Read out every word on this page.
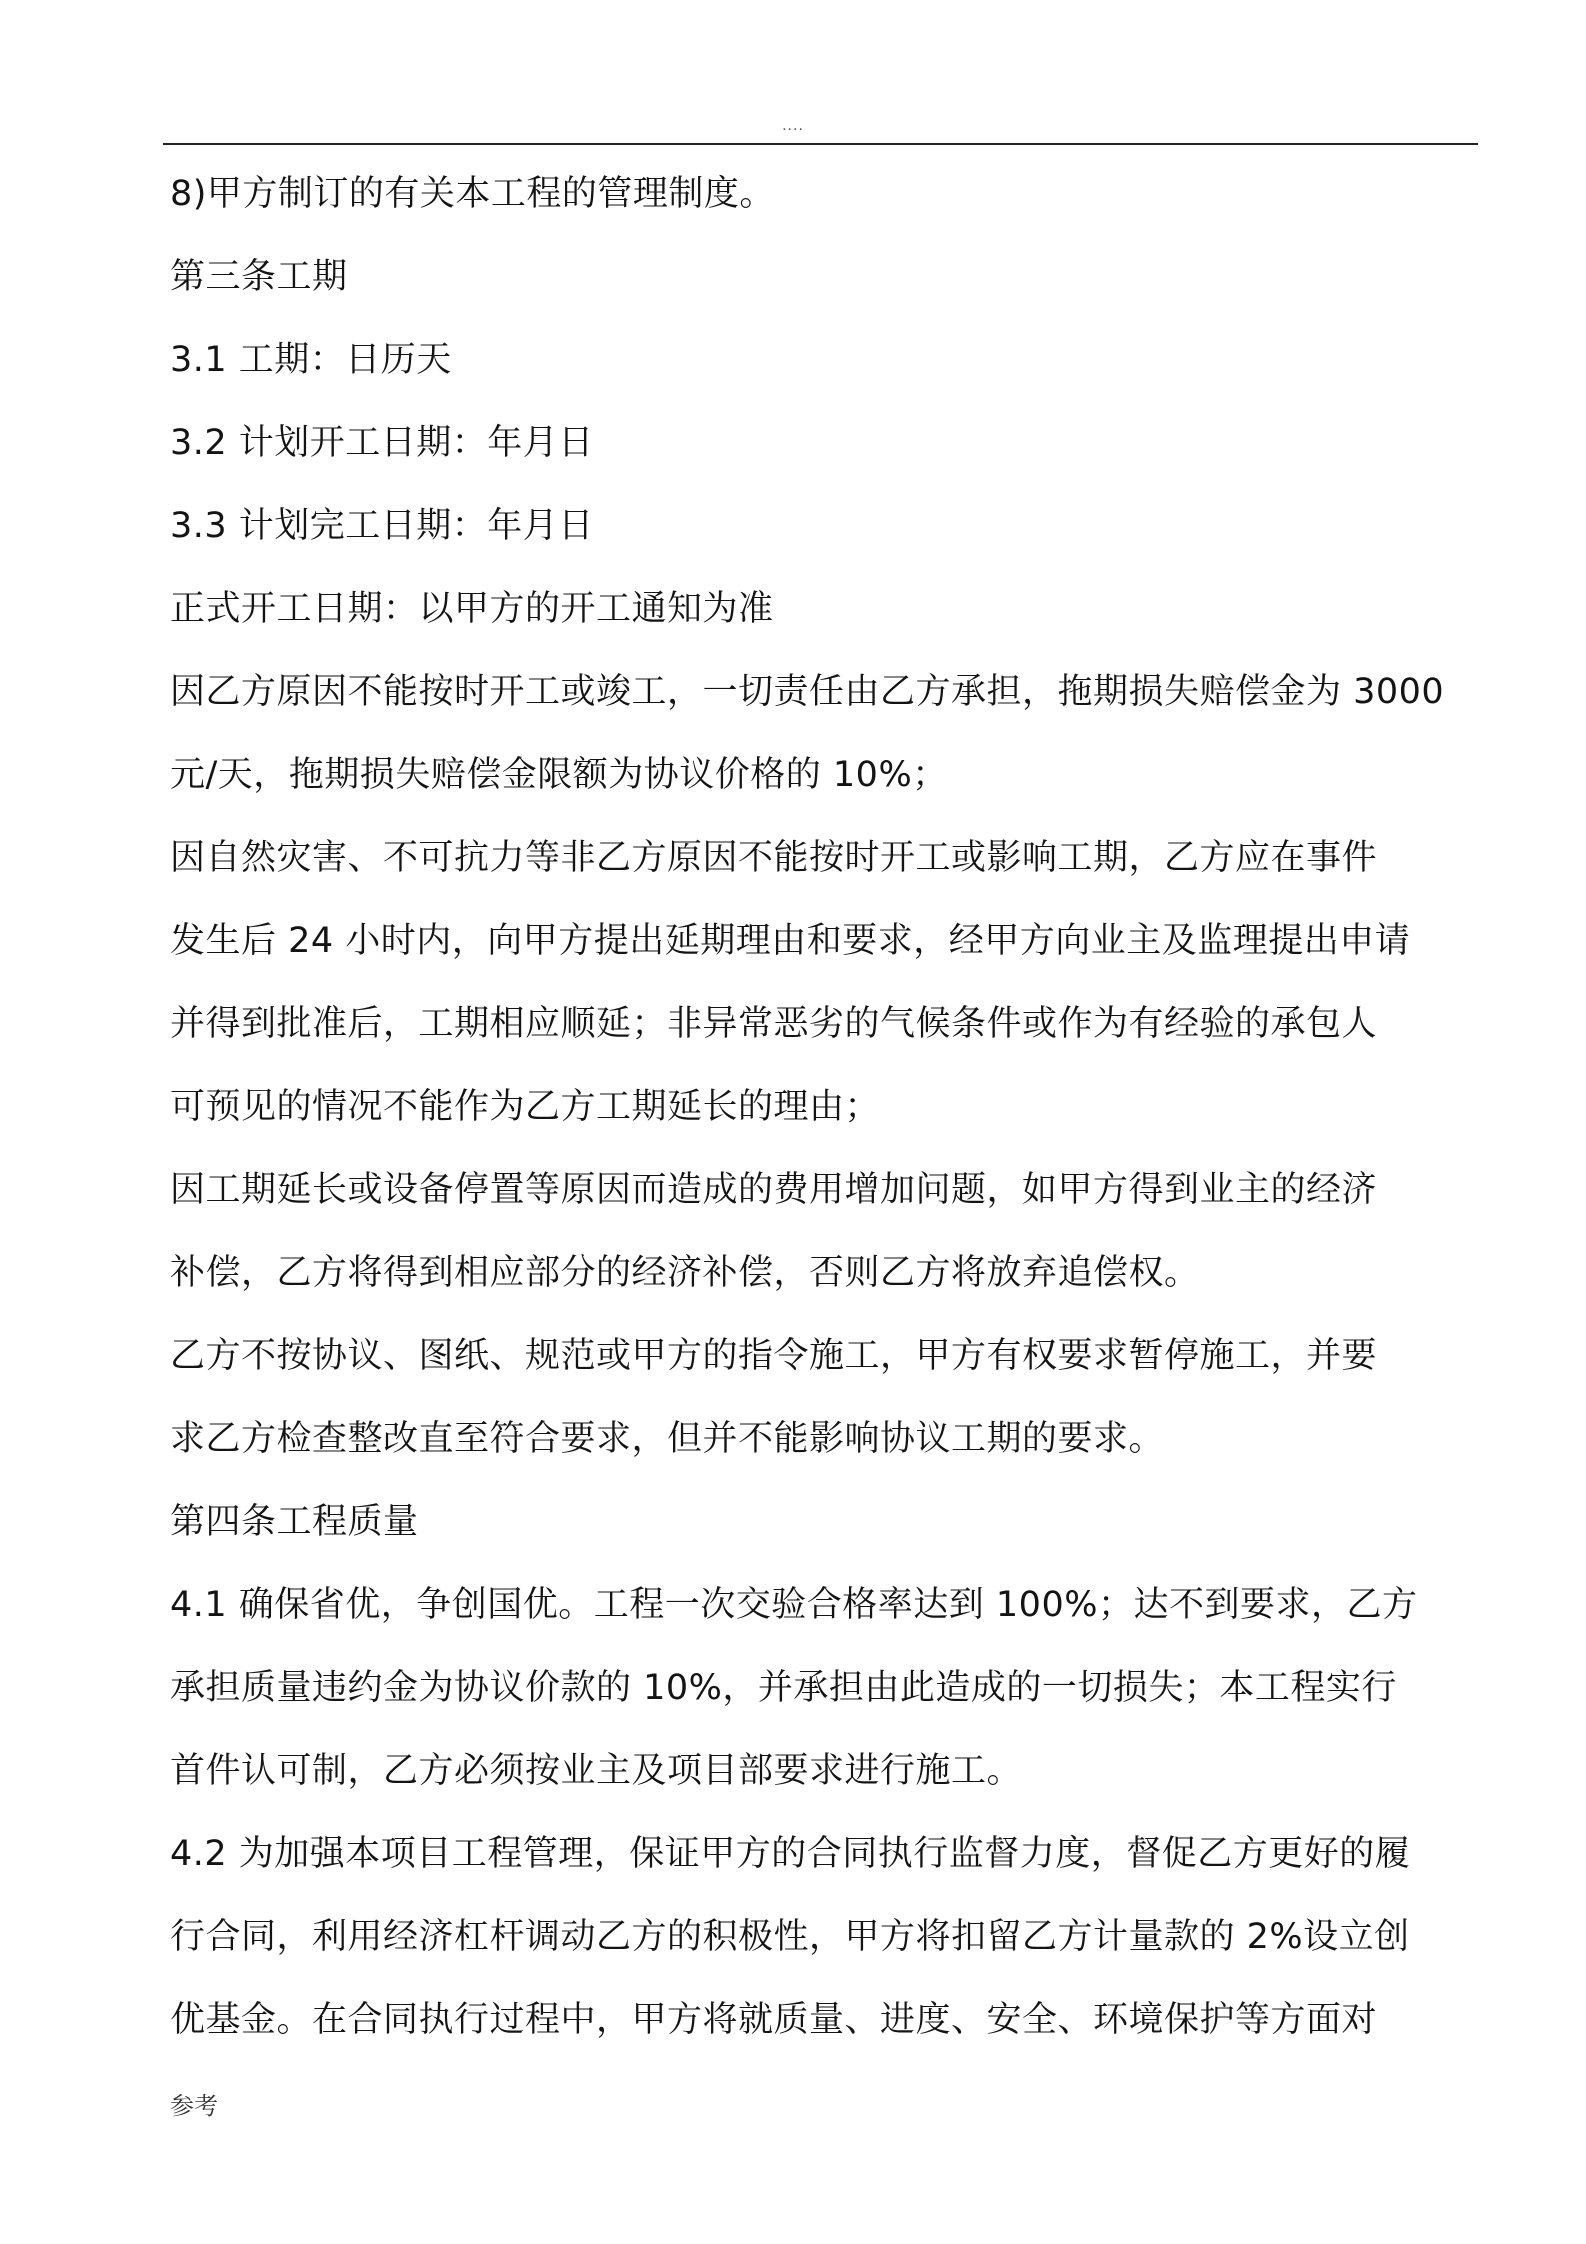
....

8)甲方制订的有关本工程的管理制度。

第三条工期

3.1 工期：日历天

3.2 计划开工日期：年月日

3.3 计划完工日期：年月日

正式开工日期：以甲方的开工通知为准

因乙方原因不能按时开工或竣工，一切责任由乙方承担，拖期损失赔偿金为 3000

元/天，拖期损失赔偿金限额为协议价格的 10%；

因自然灾害、不可抗力等非乙方原因不能按时开工或影响工期，乙方应在事件

发生后 24 小时内，向甲方提出延期理由和要求，经甲方向业主及监理提出申请

并得到批准后，工期相应顺延；非异常恶劣的气候条件或作为有经验的承包人

可预见的情况不能作为乙方工期延长的理由；

因工期延长或设备停置等原因而造成的费用增加问题，如甲方得到业主的经济

补偿，乙方将得到相应部分的经济补偿，否则乙方将放弃追偿权。

乙方不按协议、图纸、规范或甲方的指令施工，甲方有权要求暂停施工，并要

求乙方检查整改直至符合要求，但并不能影响协议工期的要求。

第四条工程质量

4.1 确保省优，争创国优。工程一次交验合格率达到 100%；达不到要求，乙方

承担质量违约金为协议价款的 10%，并承担由此造成的一切损失；本工程实行

首件认可制，乙方必须按业主及项目部要求进行施工。

4.2 为加强本项目工程管理，保证甲方的合同执行监督力度，督促乙方更好的履

行合同，利用经济杠杆调动乙方的积极性，甲方将扣留乙方计量款的 2%设立创

优基金。在合同执行过程中，甲方将就质量、进度、安全、环境保护等方面对

参考
